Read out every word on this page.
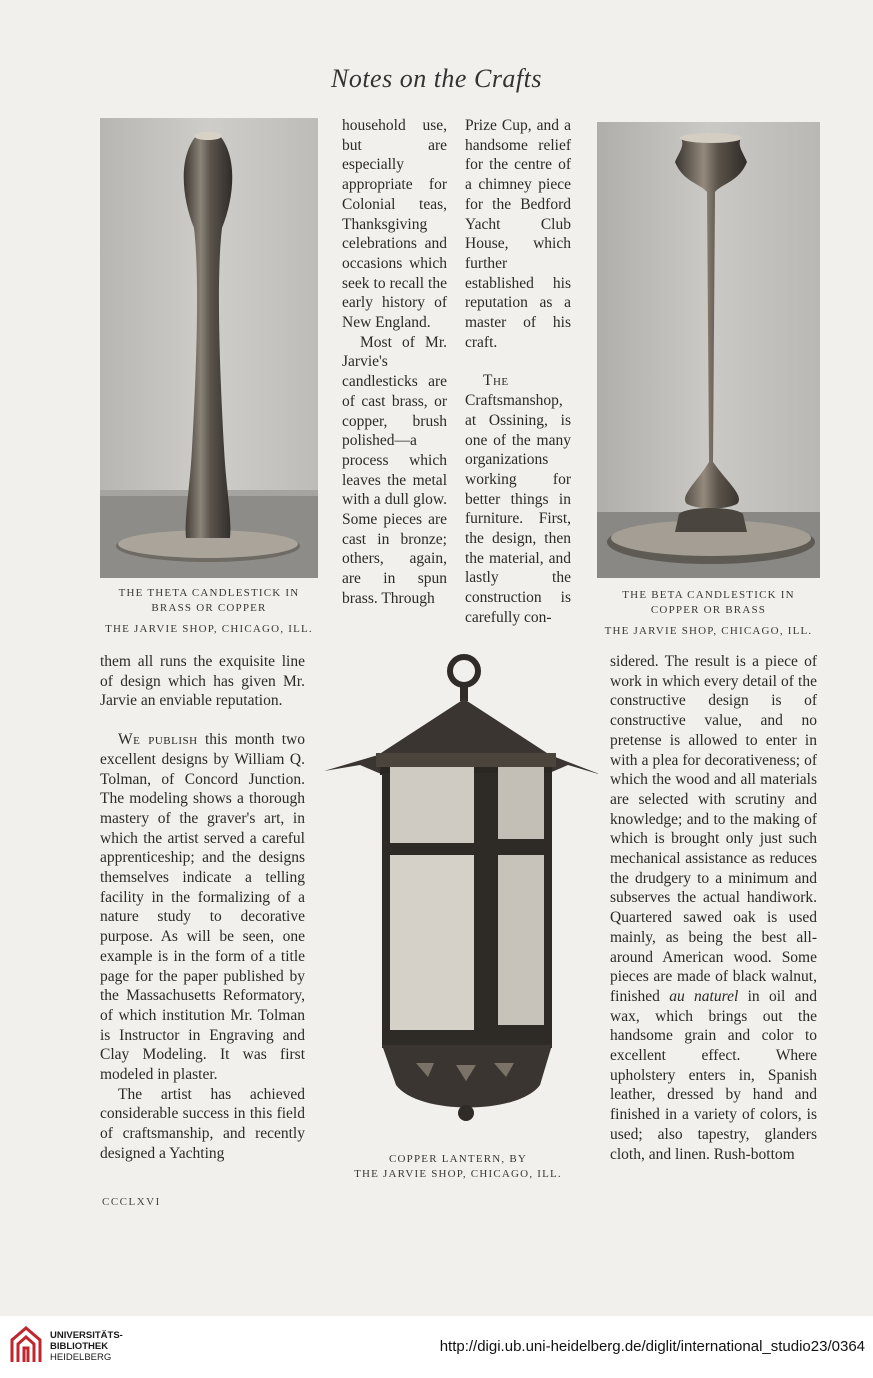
Notes on the Crafts
THE THETA CANDLESTICK IN
BRASS OR COPPER
THE JARVIE SHOP, CHICAGO, ILL.
THE BETA CANDLESTICK IN
COPPER OR BRASS
THE JARVIE SHOP, CHICAGO, ILL.
COPPER LANTERN, BY
THE JARVIE SHOP, CHICAGO, ILL.

household use, but are especially appropriate for Colonial teas, Thanksgiving celebrations and occasions which seek to recall the early history of New England.

Most of Mr. Jarvie's candlesticks are of cast brass, or copper, brush polished—a process which leaves the metal with a dull glow. Some pieces are cast in bronze; others, again, are in spun brass. Through

Prize Cup, and a handsome relief for the centre of a chimney piece for the Bedford Yacht Club House, which further established his reputation as a master of his craft.

The Craftsmanshop, at Ossining, is one of the many organizations working for better things in furniture. First, the design, then the material, and lastly the construction is carefully con-

them all runs the exquisite line of design which has given Mr. Jarvie an enviable reputation.

We publish this month two excellent designs by William Q. Tolman, of Concord Junction. The modeling shows a thorough mastery of the graver's art, in which the artist served a careful apprenticeship; and the designs themselves indicate a telling facility in the formalizing of a nature study to decorative purpose. As will be seen, one example is in the form of a title page for the paper published by the Massachusetts Reformatory, of which institution Mr. Tolman is Instructor in Engraving and Clay Modeling. It was first modeled in plaster.

The artist has achieved considerable success in this field of craftsmanship, and recently designed a Yachting

sidered. The result is a piece of work in which every detail of the constructive design is of constructive value, and no pretense is allowed to enter in with a plea for decorativeness; of which the wood and all materials are selected with scrutiny and knowledge; and to the making of which is brought only just such mechanical assistance as reduces the drudgery to a minimum and subserves the actual handiwork. Quartered sawed oak is used mainly, as being the best all-around American wood. Some pieces are made of black walnut, finished au naturel in oil and wax, which brings out the handsome grain and color to excellent effect. Where upholstery enters in, Spanish leather, dressed by hand and finished in a variety of colors, is used; also tapestry, glanders cloth, and linen. Rush-bottom

CCCLXVI
UNIVERSITÄTS-
BIBLIOTHEK
HEIDELBERG
http://digi.ub.uni-heidelberg.de/diglit/international_studio23/0364
